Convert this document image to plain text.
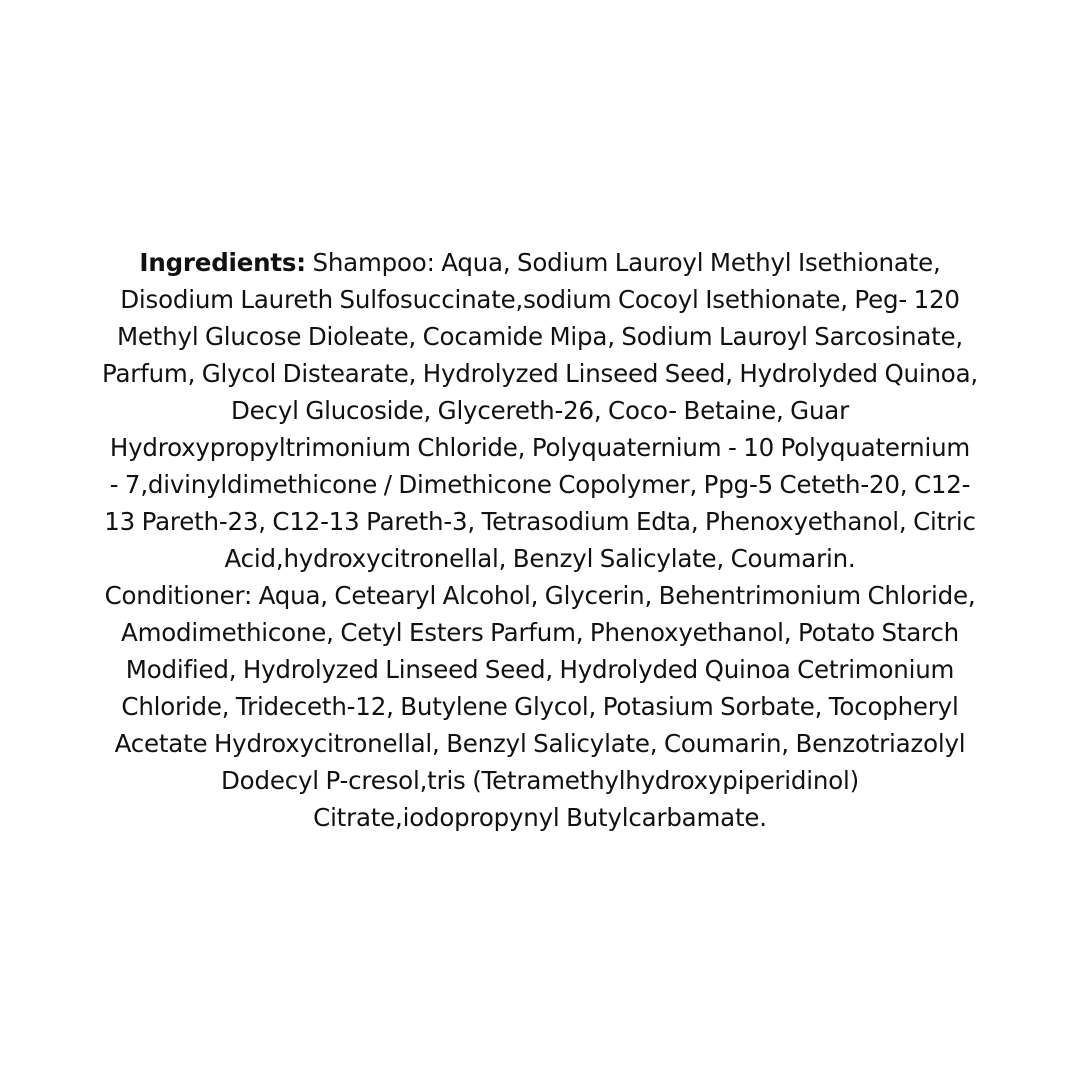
Ingredients: Shampoo: Aqua, Sodium Lauroyl Methyl Isethionate,
Disodium Laureth Sulfosuccinate,sodium Cocoyl Isethionate, Peg- 120
Methyl Glucose Dioleate, Cocamide Mipa, Sodium Lauroyl Sarcosinate,
Parfum, Glycol Distearate, Hydrolyzed Linseed Seed, Hydrolyded Quinoa,
Decyl Glucoside, Glycereth-26, Coco- Betaine, Guar
Hydroxypropyltrimonium Chloride, Polyquaternium - 10 Polyquaternium
- 7,divinyldimethicone / Dimethicone Copolymer, Ppg-5 Ceteth-20, C12-
13 Pareth-23, C12-13 Pareth-3, Tetrasodium Edta, Phenoxyethanol, Citric
Acid,hydroxycitronellal, Benzyl Salicylate, Coumarin.
Conditioner: Aqua, Cetearyl Alcohol, Glycerin, Behentrimonium Chloride,
Amodimethicone, Cetyl Esters Parfum, Phenoxyethanol, Potato Starch
Modified, Hydrolyzed Linseed Seed, Hydrolyded Quinoa Cetrimonium
Chloride, Trideceth-12, Butylene Glycol, Potasium Sorbate, Tocopheryl
Acetate Hydroxycitronellal, Benzyl Salicylate, Coumarin, Benzotriazolyl
Dodecyl P-cresol,tris (Tetramethylhydroxypiperidinol)
Citrate,iodopropynyl Butylcarbamate.
